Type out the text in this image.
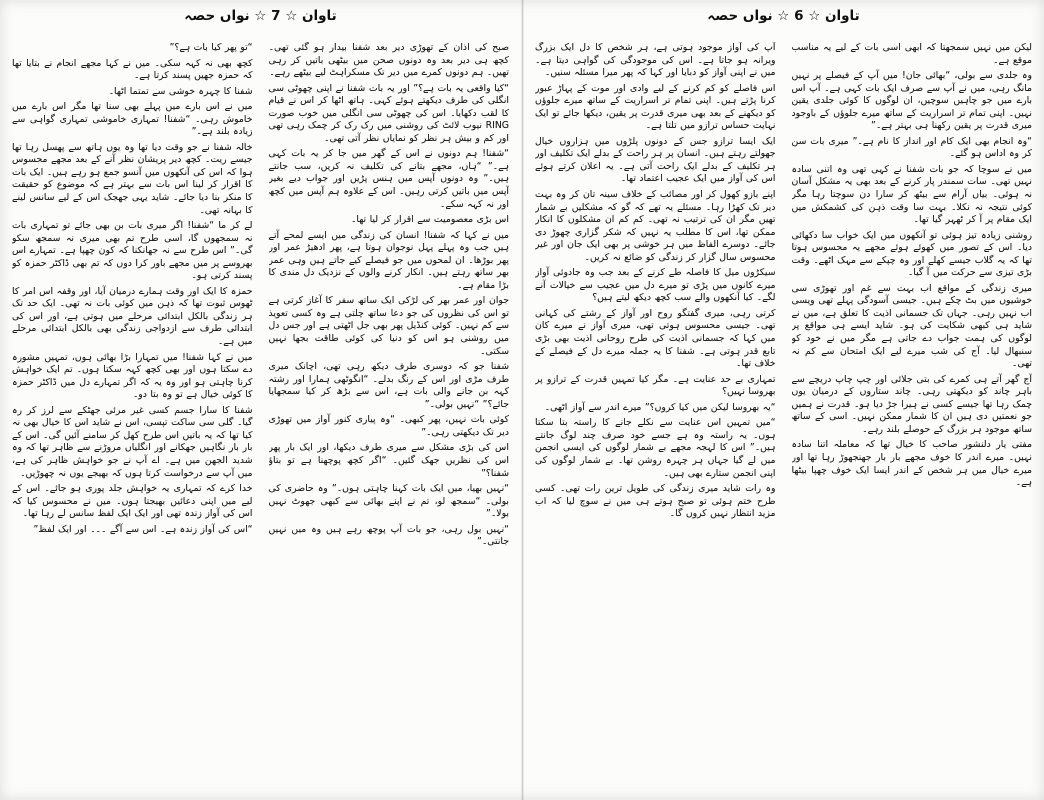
تاوان ☆ 6 ☆ نواں حصہ

لیکن میں نہیں سمجھتا کہ ابھی اسی بات کے لیے یہ مناسب موقع ہے۔

وہ جلدی سے بولی، “بھائی جان! میں آپ کے فیصلے پر نہیں مانگ رہی، میں نے آپ سے صرف ایک بات کہی ہے۔ آپ اس بارے میں جو چاہیں سوچیں، ان لوگوں کا کوئی جلدی یقین نہیں۔ اپنی تمام تر اسراریت کے ساتھ میرے جلوؤں کے باوجود میری قدرت پر یقین رکھنا ہی بہتر ہے۔”

“وہ انجام بھی ایک کام اور انداز کا نام ہے۔” میری بات سن کر وہ اداس ہو گئے۔

میں نے سوچا کہ جو بات شفنا نے کہی تھی وہ اتنی سادہ نہیں تھی۔ سات سمندر پار کرنے کے بعد بھی یہ مشکل آسان نہ ہوئی۔ بیاں آرام سے بیٹھ کر سارا دن سوچتا رہا مگر کوئی نتیجہ نہ نکلا۔ بہت سا وقت ذہن کی کشمکش میں ایک مقام پر آ کر ٹھہر گیا تھا۔

روشنی زیادہ تیز ہوئی تو آنکھوں میں ایک خواب سا دکھائی دیا۔ اس کے تصور میں کھوئے ہوئے مجھے یہ محسوس ہوتا تھا کہ یہ گلاب جیسے کھلے اور وہ چپکے سے مہک اٹھے۔ وقت بڑی تیزی سے حرکت میں آ گیا۔

میری زندگی کے مواقع اب بہت سے غم اور تھوڑی سی خوشیوں میں بٹ چکے ہیں۔ جیسی آسودگی پہلے تھی ویسی اب نہیں رہی۔ جہاں تک جسمانی اذیت کا تعلق ہے، میں نے شاید ہی کبھی شکایت کی ہو۔ شاید ایسے ہی مواقع پر لوگوں کی ہمت جواب دے جاتی ہے مگر میں نے خود کو سنبھال لیا۔ آج کی شب میرے لیے ایک امتحان سے کم نہ تھی۔

آج گھر آتے ہی کمرے کی بتی جلائی اور چپ چاپ دریچے سے باہر چاند کو دیکھتی رہی۔ چاند ستاروں کے درمیان یوں چمک رہا تھا جیسے کسی نے ہیرا جڑ دیا ہو۔ قدرت نے ہمیں جو نعمتیں دی ہیں ان کا شمار ممکن نہیں۔ اسی کے ساتھ ساتھ موجود ہر بزرگ کے حوصلے بلند رہے۔

مفتی یار دلنشور صاحب کا خیال تھا کہ معاملہ اتنا سادہ نہیں۔ میرے اندر کا خوف مجھے بار بار جھنجھوڑ رہا تھا اور میرے خیال میں ہر شخص کے اندر ایسا ایک خوف چھپا بیٹھا ہے۔

آپ کی آواز موجود ہوتی ہے، ہر شخص کا دل ایک بزرگ ویرانہ ہو جاتا ہے۔ اس کی موجودگی کی گواہی دیتا ہے۔ میں نے اپنی آواز کو دبایا اور کہا کہ پھر میرا مسئلہ سنیں۔

اس فاصلے کو کم کرنے کے لیے وادی اور موت کے پہاڑ عبور کرنا پڑتے ہیں۔ اپنی تمام تر اسراریت کے ساتھ میرے جلوؤں کو دیکھنے کے بعد بھی میری قدرت پر یقین، دیکھا جائے تو ایک نہایت حساس ترازو میں تلتا ہے۔

ایک ایسا ترازو جس کے دونوں پلڑوں میں ہزاروں خیال جھولتے رہتے ہیں۔ انسان پر ہر راحت کے بدلے ایک تکلیف اور ہر تکلیف کے بدلے ایک راحت آتی ہے۔ یہ اعلان کرتے ہوئے اس کی آواز میں ایک عجیب اعتماد تھا۔

اپنے بازو کھول کر اور مصائب کے خلاف سینہ تان کر وہ بہت دیر تک کھڑا رہا۔ مسئلے یہ تھے کہ گو کہ مشکلیں بے شمار تھیں مگر ان کی ترتیب نہ تھی۔ کم کم ان مشکلوں کا انکار ممکن تھا، اس کا مطلب یہ نہیں کہ شکر گزاری چھوڑ دی جائے۔ دوسرے الفاظ میں ہر خوشی پر بھی ایک جان اور غیر محسوس سال گزار کر زندگی کو ضائع نہ کریں۔

سیکڑوں میل کا فاصلہ طے کرنے کے بعد جب وہ جادوئی آواز میرے کانوں میں پڑی تو میرے دل میں عجیب سے خیالات آنے لگے۔ کیا آنکھوں والے سب کچھ دیکھ لیتے ہیں؟

کرتی رہی، میری گفتگو روح اور آواز کے رشتے کی کہانی تھی۔ جیسی محسوس ہوتی تھی، میری آواز نے میرے کان میں کہا کہ جسمانی اذیت کی طرح روحانی اذیت بھی بڑی تابع قدر ہوتی ہے۔ شفنا کا یہ جملہ میرے دل کے فیصلے کے خلاف تھا۔

تمہاری بے حد عنایت ہے۔ مگر کیا تمہیں قدرت کے ترازو پر بھروسا نہیں؟

“یہ بھروسا لیکن میں کیا کروں؟” میرے اندر سے آواز اٹھی۔

“میں تمہیں اس عنایت سے نکلے جانے کا راستہ بتا سکتا ہوں۔ یہ راستہ وہ ہے جسے خود صرف چند لوگ جانتے ہیں۔” اس کا لہجہ مجھے بے شمار لوگوں کی ایسی انجمن میں لے گیا جہاں ہر چہرہ روشن تھا۔ بے شمار لوگوں کی اپنی انجمن ستارے بھی ہیں۔

وہ رات شاید میری زندگی کی طویل ترین رات تھی۔ کسی طرح ختم ہوئی تو صبح ہوتے ہی میں نے سوچ لیا کہ اب مزید انتظار نہیں کروں گا۔

تاوان ☆ 7 ☆ نواں حصہ

صبح کی اذان کے تھوڑی دیر بعد شفنا بیدار ہو گئی تھی۔ کچھ ہی دیر بعد وہ دونوں صحن میں بیٹھی باتیں کر رہی تھیں۔ ہم دونوں کمرے میں دیر تک مسکراہٹ لیے بیٹھے رہے۔

“کیا واقعی یہ بات ہے؟” اور یہ بات شفنا نے اپنی چھوٹی سی انگلی کی طرف دیکھتے ہوئے کہی۔ ہاتھ اٹھا کر اس نے قیام کا لقب دکھایا۔ اس کی چھوٹی سی انگلی میں خوب صورت RING نیوب لائٹ کی روشنی میں رک رک کر چمک رہی تھی اور کم و بیش ہر نظر کو نمایاں نظر آتی تھی۔

“شفنا! ہم دونوں نے اس کے گھر میں جا کر یہ بات کہی ہے۔” “ہاں، مجھے بتانے کی تکلیف نہ کریں، سب جانتے ہیں۔” وہ دونوں آپس میں ہنس پڑیں اور جواب دیے بغیر آپس میں باتیں کرتی رہیں۔ اس کے علاوہ ہم آپس میں کچھ اور نہ کہہ سکے۔

اس بڑی معصومیت سے اقرار کر لیا تھا۔

میں نے کہا کہ شفنا! انسان کی زندگی میں ایسے لمحے آتے ہیں جب وہ پہلے پہل نوجوان ہوتا ہے، پھر ادھیڑ عمر اور پھر بوڑھا۔ ان لمحوں میں جو فیصلے کیے جاتے ہیں وہی عمر بھر ساتھ رہتے ہیں۔ انکار کرنے والوں کے نزدیک دل مندی کا بڑا مقام ہے۔

جوان اور عمر بھر کی لڑکی ایک ساتھ سفر کا آغاز کرتی ہے تو اس کی نظروں کی جو دعا ساتھ چلتی ہے وہ کسی تعویذ سے کم نہیں۔ کوئی کنڈیل پھر بھی جل اٹھتی ہے اور جس دل میں روشنی ہو اس کو دنیا کی کوئی طاقت بجھا نہیں سکتی۔

شفنا جو کہ دوسری طرف دیکھ رہی تھی، اچانک میری طرف مڑی اور اس کے رنگ بدلے۔ “انگوٹھی ہمارا اور رشتہ کہہ بن جانے والی بات ہے، اس سے بڑھ کر کیا سمجھایا جائے؟” “نہیں بولی۔”

کوئی بات نہیں، پھر کبھی۔ “وہ پیاری کنور آواز میں تھوڑی دیر تک دیکھتی رہی۔”

اس کی بڑی مشکل سے میری طرف دیکھا، اور ایک بار پھر اس کی نظریں جھک گئیں۔ “اگر کچھ پوچھنا ہے تو بتاؤ شفنا؟”

“نہیں بھیا، میں ایک بات کہنا چاہتی ہوں۔” وہ حاضری کی بولی۔ “سمجھ لو، تم نے اپنے بھائی سے کبھی جھوٹ نہیں بولا۔”

“نہیں بول رہی، جو بات آپ پوچھ رہے ہیں وہ میں نہیں جانتی۔”

“تو پھر کیا بات ہے؟”

کچھ بھی نہ کہہ سکی۔ میں نے کہا مجھے انجام نے بتایا تھا کہ حمزہ جھیں پسند کرتا ہے۔

شفنا کا چہرہ خوشی سے تمتما اٹھا۔

میں نے اس بارے میں پہلے بھی سنا تھا مگر اس بارے میں خاموش رہی۔ “شفنا! تمہاری خاموشی تمہاری گواہی سے زیادہ بلند ہے۔”

خالہ شفنا نے جو وقت دیا تھا وہ یوں ہاتھ سے پھسل رہا تھا جیسے ریت۔ کچھ دیر پریشان نظر آنے کے بعد مجھے محسوس ہوا کہ اس کی آنکھوں میں آنسو جمع ہو رہے ہیں۔ ایک بات کا اقرار کر لینا اس بات سے بہتر ہے کہ موضوع کو حقیقت کا منکر بنا دیا جائے۔ شاید یہی جھجک اس کے لیے سانس لینے کا بہانہ تھی۔

لے کر ما “شفنا! اگر میری بات بن بھی جائے تو تمہاری بات نہ سمجھوں گا، اسی طرح تم بھی میری نہ سمجھ سکو گی۔” اس طرح سے نہ جھانکنا کہ کون چھپا ہے۔ تمہارے اس بھروسے پر میں مجھے باور کرا دوں کہ تم بھی ڈاکٹر حمزہ کو پسند کرتی ہو۔

حمزہ کا ایک اور وقت ہمارے درمیان آیا، اور وقفہ اس امر کا ٹھوس ثبوت تھا کہ ذہن میں کوئی بات نہ تھی۔ ایک حد تک ہر زندگی بالکل ابتدائی مرحلے میں ہوتی ہے، اور اس کی ابتدائی طرف سے ازدواجی زندگی بھی بالکل ابتدائی مرحلے میں ہے۔

میں نے کہا شفنا! میں تمہارا بڑا بھائی ہوں، تمہیں مشورہ دے سکتا ہوں اور بھی کچھ کہہ سکتا ہوں۔ تم ایک خواہش کرنا چاہتی ہو اور وہ یہ کہ اگر تمہارے دل میں ڈاکٹر حمزہ کا کوئی خیال ہے تو وہ بتا دو۔

شفنا کا سارا جسم کسی غیر مرئی جھٹکے سے لرز کر رہ گیا۔ گلی سی ساکت تپسی، اس نے شاید اس کا خیال بھی نہ کیا تھا کہ یہ باتیں اس طرح کھل کر سامنے آئیں گی۔ اس کے بار بار نگاہیں جھکانے اور انگلیاں مروڑنے سے ظاہر تھا کہ وہ شدید الجھن میں ہے۔ اے آپ نے جو خواہش ظاہر کی ہے، میں آپ سے درخواست کرتا ہوں کہ بھیجے یوں نہ چھوڑیں۔

خدا کرے کہ تمہاری یہ خواہش جلد پوری ہو جائے۔ اس کے لیے میں اپنی دعائیں بھیجتا ہوں۔ میں نے محسوس کیا کہ اس کی آواز زندہ تھی اور ایک ایک لفظ سانس لے رہا تھا۔

“اس کی آواز زندہ ہے۔ اس سے آگے ۔۔۔ اور ایک لفظ”
